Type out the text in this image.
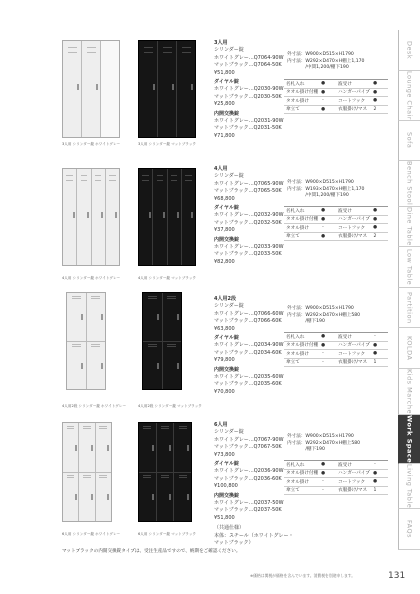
3人用 シリンダー錠 ホワイトグレー	3人用 シリンダー錠 マットブラック
3人用
シリンダー錠
ホワイトグレー…Q7064-90W
マットブラック…Q7064-50K
¥51,800
ダイヤル錠
ホワイトグレー…Q2030-90W
マットブラック…Q2030-50K
¥25,800
内開交換錠
ホワイトグレー…Q2031-90W
マットブラック…Q2031-50K
¥71,800
外寸法：W900×D515×H1790
内寸法：W292×D470×H棚上1,170
　　　　/中間1,200/棚下190
名札入れ	●	波受け	●
タオル掛け付棚 ●	ハンガーパイプ ●
タオル掛け	-	コートフック	●
傘立て	●	衣服掛け/マス	2
4人用 シリンダー錠 ホワイトグレー	4人用 シリンダー錠 マットブラック
4人用
シリンダー錠
ホワイトグレー…Q7065-90W
マットブラック…Q7065-50K
¥68,800
ダイヤル錠
ホワイトグレー…Q2032-90W
マットブラック…Q2032-50K
¥37,800
内開交換錠
ホワイトグレー…Q2033-90W
マットブラック…Q2033-50K
¥82,800
外寸法：W900×D515×H1790
内寸法：W193×D470×H棚上1,170
　　　　/中間1,200/棚下190
名札入れ	●	波受け	●
タオル掛け付棚 ●	ハンガーパイプ ●
タオル掛け	-	コートフック	●
傘立て	●	衣服掛け/マス	2
4人用2段 シリンダー錠 ホワイトグレー	4人用2段 シリンダー錠 マットブラック
4人用2段
シリンダー錠
ホワイトグレー…Q7066-60W
マットブラック…Q7066-60K
¥63,800
ダイヤル錠
ホワイトグレー…Q2034-90W
マットブラック…Q2034-60K
¥79,800
内開交換錠
ホワイトグレー…Q2035-60W
マットブラック…Q2035-60K
¥70,800
外寸法：W900×D515×H1790
内寸法：W292×D470×H棚上580
　　　　/棚下190
名札入れ	●	波受け	-
タオル掛け付棚 ●	ハンガーパイプ ●
タオル掛け	-	コートフック	●
傘立て	-	衣服掛け/マス	1
6人用 シリンダー錠 ホワイトグレー	6人用 シリンダー錠 マットブラック
6人用
シリンダー錠
ホワイトグレー…Q7067-90W
マットブラック…Q7067-50K
¥73,800
ダイヤル錠
ホワイトグレー…Q2036-90W
マットブラック…Q2036-60K
¥100,800
内開交換錠
ホワイトグレー…Q2037-50W
マットブラック…Q2037-50K
¥51,800
（共通仕様）
本体：スチール（ホワイトグレー・
マットブラック）
外寸法：W900×D515×H1790
内寸法：W292×D470×H棚上580
　　　　/棚下190
名札入れ	●	波受け	-
タオル掛け付棚 ●	ハンガーパイプ ●
タオル掛け	-	コートフック	●
傘立て	-	衣服掛け/マス	1
マットブラックの内開交換錠タイプは、受注生産品ですので、納期をご確認ください。
※価格は関税が価格を含んでいます。消費税を別途申します。	131
Desk
Lounge Chair
Sofa
Bench Stool
Dine Table
Low Table
Partition
KOLDA
Kids Marche
Work Space
Living Table
FAQs
